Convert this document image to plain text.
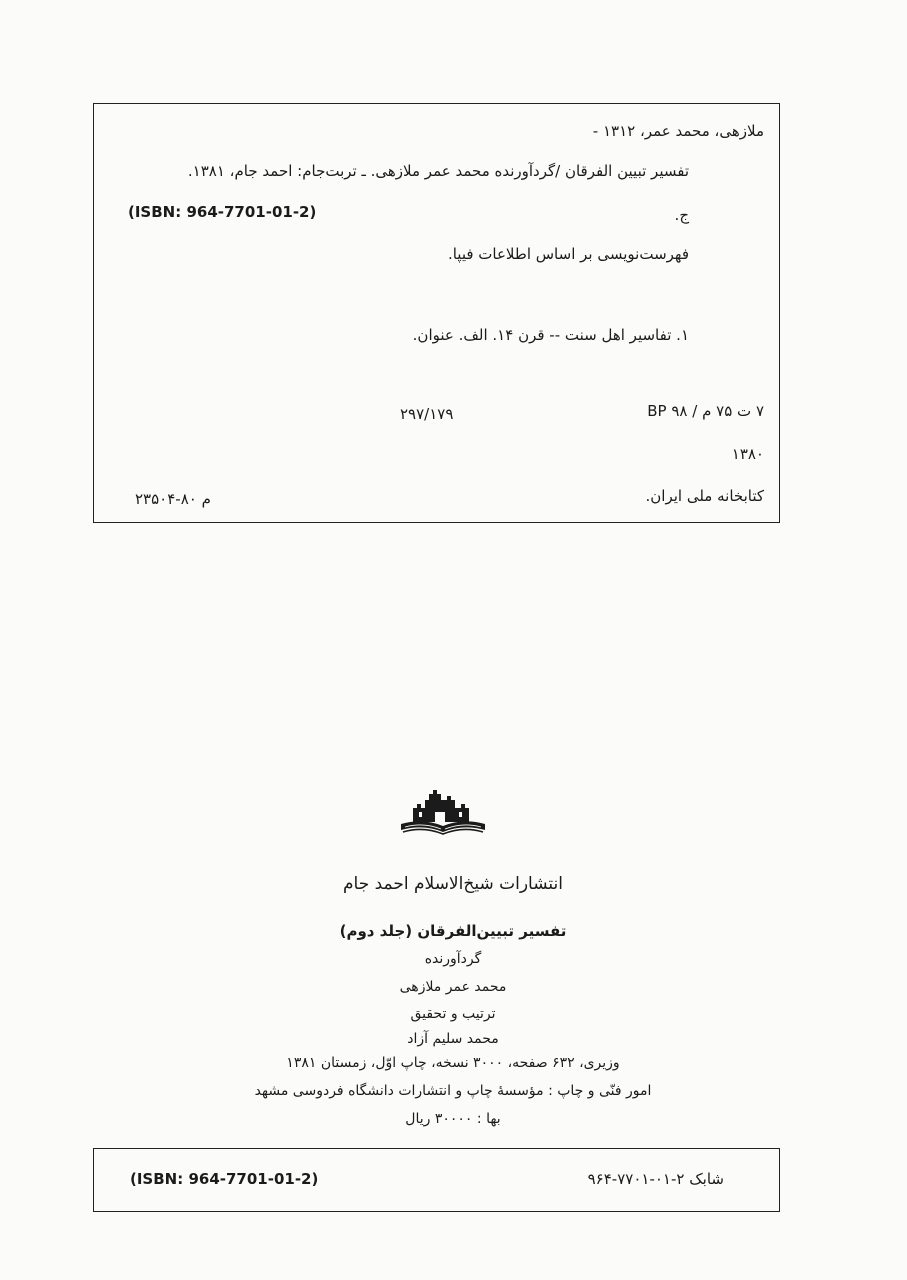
ملازهی، محمد عمر، ۱۳۱۲ -
تفسیر تبیین الفرقان /گردآورنده محمد عمر ملازهی. ـ تربت‌جام: احمد جام، ۱۳۸۱.
ج.
(ISBN: 964-7701-01-2)
فهرست‌نویسی بر اساس اطلاعات فیپا.
۱. تفاسیر اهل سنت -- قرن ۱۴. الف. عنوان.
۷ ت ۷۵ م / ۹۸ BP
۲۹۷/۱۷۹
۱۳۸۰
کتابخانه ملی ایران.
م ۸۰-۲۳۵۰۴
انتشارات شیخ‌الاسلام احمد جام
تفسیر تبیین‌الفرقان (جلد دوم)
گردآورنده
محمد عمر ملازهی
ترتیب و تحقیق
محمد سلیم آزاد
وزیری، ۶۳۲ صفحه، ۳۰۰۰ نسخه، چاپ اوّل، زمستان ۱۳۸۱
امور فنّی و چاپ : مؤسسهٔ چاپ و انتشارات دانشگاه فردوسی مشهد
بها : ۳۰۰۰۰ ریال
شابک ۲-۰۱-۷۷۰۱-۹۶۴
(ISBN: 964-7701-01-2)
